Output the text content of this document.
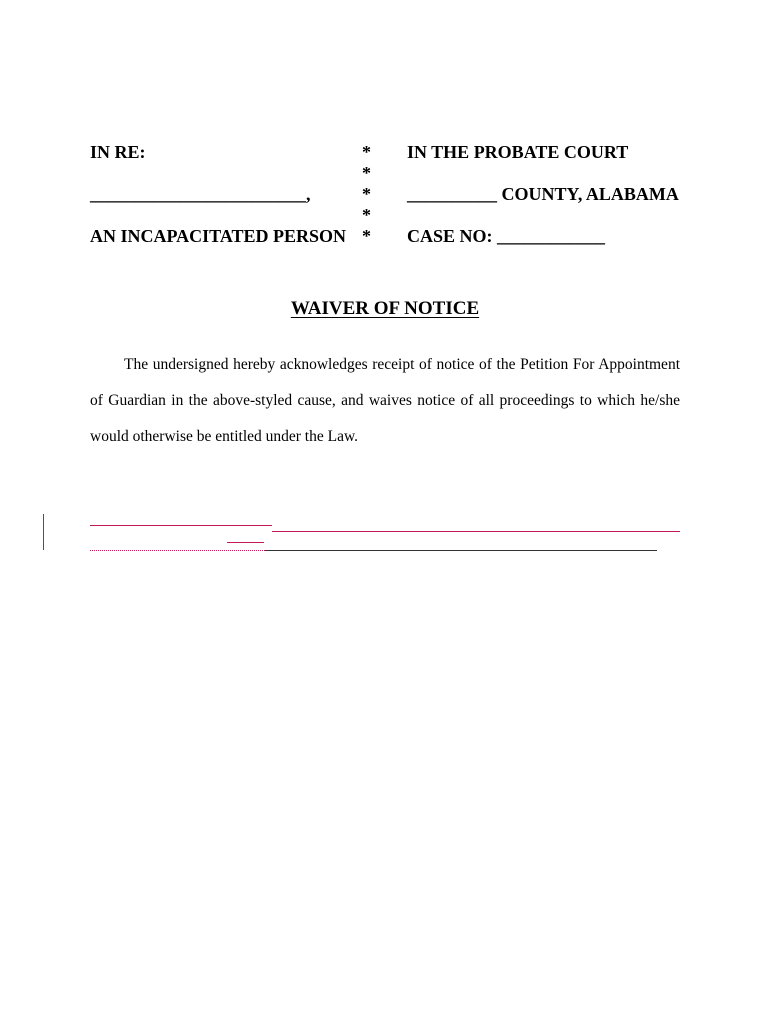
IN RE:
________________________,
AN INCAPACITATED PERSON
*
*
*
*
*
IN THE PROBATE COURT
__________ COUNTY, ALABAMA
CASE NO: ____________
WAIVER OF NOTICE
The undersigned hereby acknowledges receipt of notice of the Petition For Appointment
of Guardian in the above-styled cause, and waives notice of all proceedings to which he/she
would otherwise be entitled under the Law.
